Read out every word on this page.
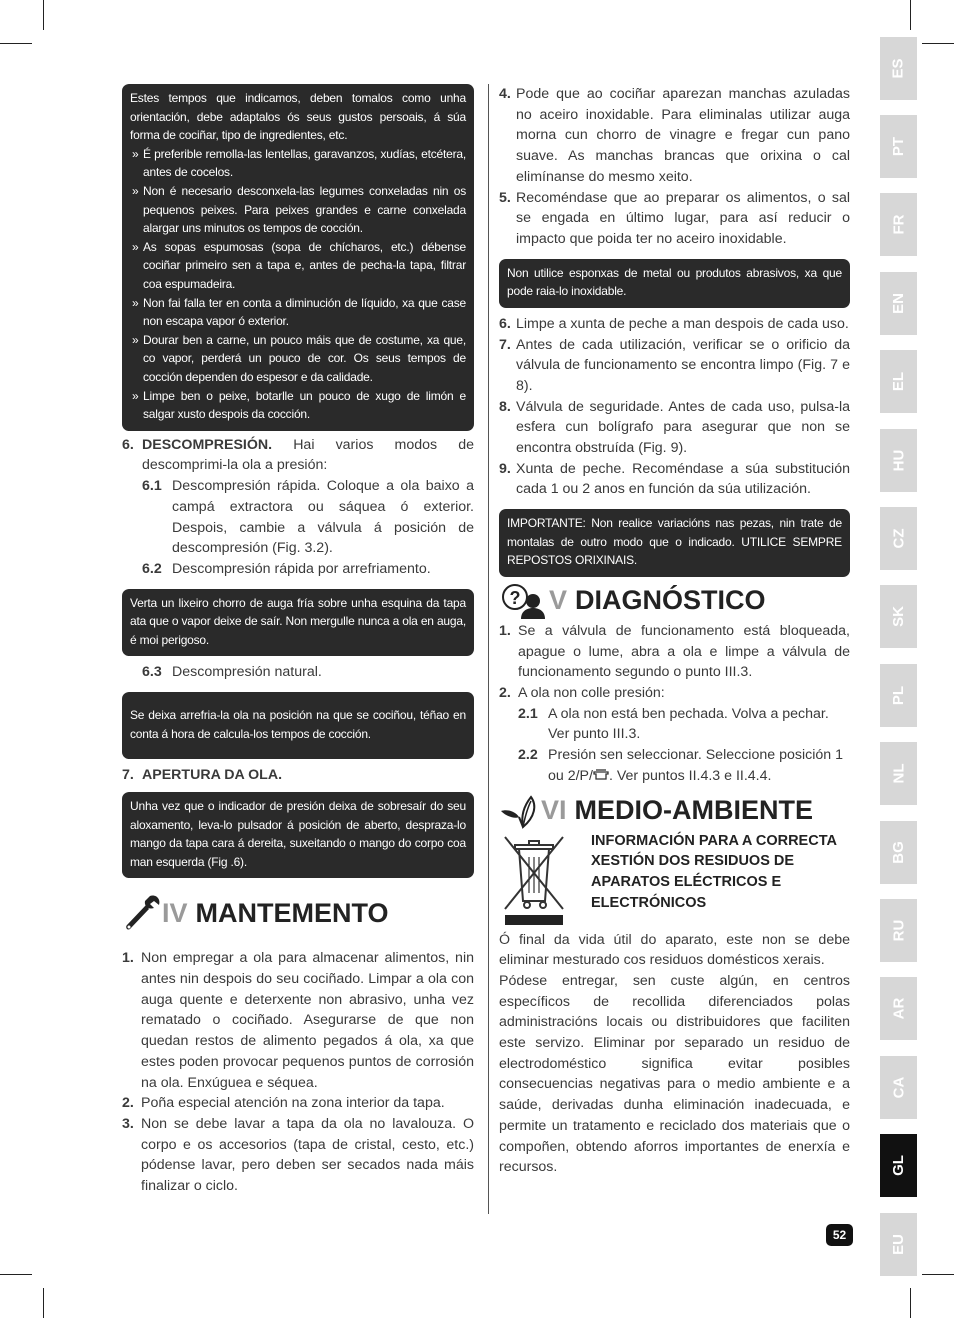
Estes tempos que indicamos, deben tomalos como unha orientación, debe adaptalos ós seus gustos persoais, á súa forma de cociñar, tipo de ingredientes, etc.

» É preferible remolla-las lentellas, garavanzos, xudías, etcétera, antes de cocelos.
» Non é necesario desconxela-las legumes conxeladas nin os pequenos peixes. Para peixes grandes e carne conxelada alargar uns minutos os tempos de cocción.
» As sopas espumosas (sopa de chícharos, etc.) débense cociñar primeiro sen a tapa e, antes de pecha-la tapa, filtrar coa espumadeira.
» Non fai falla ter en conta a diminución de líquido, xa que case non escapa vapor ó exterior.
» Dourar ben a carne, un pouco máis que de costume, xa que, co vapor, perderá un pouco de cor. Os seus tempos de cocción dependen do espesor e da calidade.
» Limpe ben o peixe, botarlle un pouco de xugo de limón e salgar xusto despois da cocción.
6. DESCOMPRESIÓN. Hai varios modos de descomprimi-la ola a presión:
6.1 Descompresión rápida. Coloque a ola baixo a campá extractora ou sáquea ó exterior. Despois, cambie a válvula á posición de descompresión (Fig. 3.2).
6.2 Descompresión rápida por arrefriamento.

Verta un lixeiro chorro de auga fría sobre unha esquina da tapa ata que o vapor deixe de saír. Non mergulle nunca a ola en auga, é moi perigoso.

6.3 Descompresión natural.

Se deixa arrefria-la ola na posición na que se cociñou, téñao en conta á hora de calcula-los tempos de cocción.

7. APERTURA DA OLA.

Unha vez que o indicador de presión deixa de sobresaír do seu aloxamento, leva-lo pulsador á posición de aberto, despraza-lo mango da tapa cara á dereita, suxeitando o mango do corpo coa man esquerda (Fig .6).

IV MANTEMENTO
1. Non empregar a ola para almacenar alimentos, nin antes nin despois do seu cociñado. Limpar a ola con auga quente e deterxente non abrasivo, unha vez rematado o cociñado. Asegurarse de que non quedan restos de alimento pegados á ola, xa que estes poden provocar pequenos puntos de corrosión na ola. Enxúguea e séquea.
2. Poña especial atención na zona interior da tapa.
3. Non se debe lavar a tapa da ola no lavalouza. O corpo e os accesorios (tapa de cristal, cesto, etc.) pódense lavar, pero deben ser secados nada máis finalizar o ciclo.
4. Pode que ao cociñar aparezan manchas azuladas no aceiro inoxidable. Para eliminalas utilizar auga morna cun chorro de vinagre e fregar cun pano suave. As manchas brancas que orixina o cal elimínanse do mesmo xeito.
5. Recoméndase que ao preparar os alimentos, o sal se engada en último lugar, para así reducir o impacto que poida ter no aceiro inoxidable.

Non utilice esponxas de metal ou produtos abrasivos, xa que pode raia-lo inoxidable.

6. Limpe a xunta de peche a man despois de cada uso.
7. Antes de cada utilización, verificar se o orificio da válvula de funcionamento se encontra limpo (Fig. 7 e 8).
8. Válvula de seguridade. Antes de cada uso, pulsa-la esfera cun bolígrafo para asegurar que non se encontra obstruída (Fig. 9).
9. Xunta de peche. Recoméndase a súa substitución cada 1 ou 2 anos en función da súa utilización.

IMPORTANTE: Non realice variacións nas pezas, nin trate de montalas de outro modo que o indicado. UTILICE SEMPRE REPOSTOS ORIXINAIS.

? V DIAGNÓSTICO
1. Se a válvula de funcionamento está bloqueada, apague o lume, abra a ola e limpe a válvula de funcionamento segundo o punto III.3.
2. A ola non colle presión:
2.1 A ola non está ben pechada. Volva a pechar. Ver punto III.3.
2.2 Presión sen seleccionar. Seleccione posición 1 ou 2/P/ . Ver puntos II.4.3 e II.4.4.
VI MEDIO-AMBIENTE
INFORMACIÓN PARA A CORRECTA XESTIÓN DOS RESIDUOS DE APARATOS ELÉCTRICOS E ELECTRÓNICOS
Ó final da vida útil do aparato, este non se debe eliminar mesturado cos residuos domésticos xerais.
Pódese entregar, sen custe algún, en centros específicos de recollida diferenciados polas administracións locais ou distribuidores que faciliten este servizo. Eliminar por separado un residuo de electrodoméstico significa evitar posibles consecuencias negativas para o medio ambiente e a saúde, derivadas dunha eliminación inadecuada, e permite un tratamento e reciclado dos materiais que o compoñen, obtendo aforros importantes de enerxía e recursos.
ES
PT
FR
EN
EL
HU
CZ
SK
PL
NL
BG
RU
AR
CA
GL
EU
52
